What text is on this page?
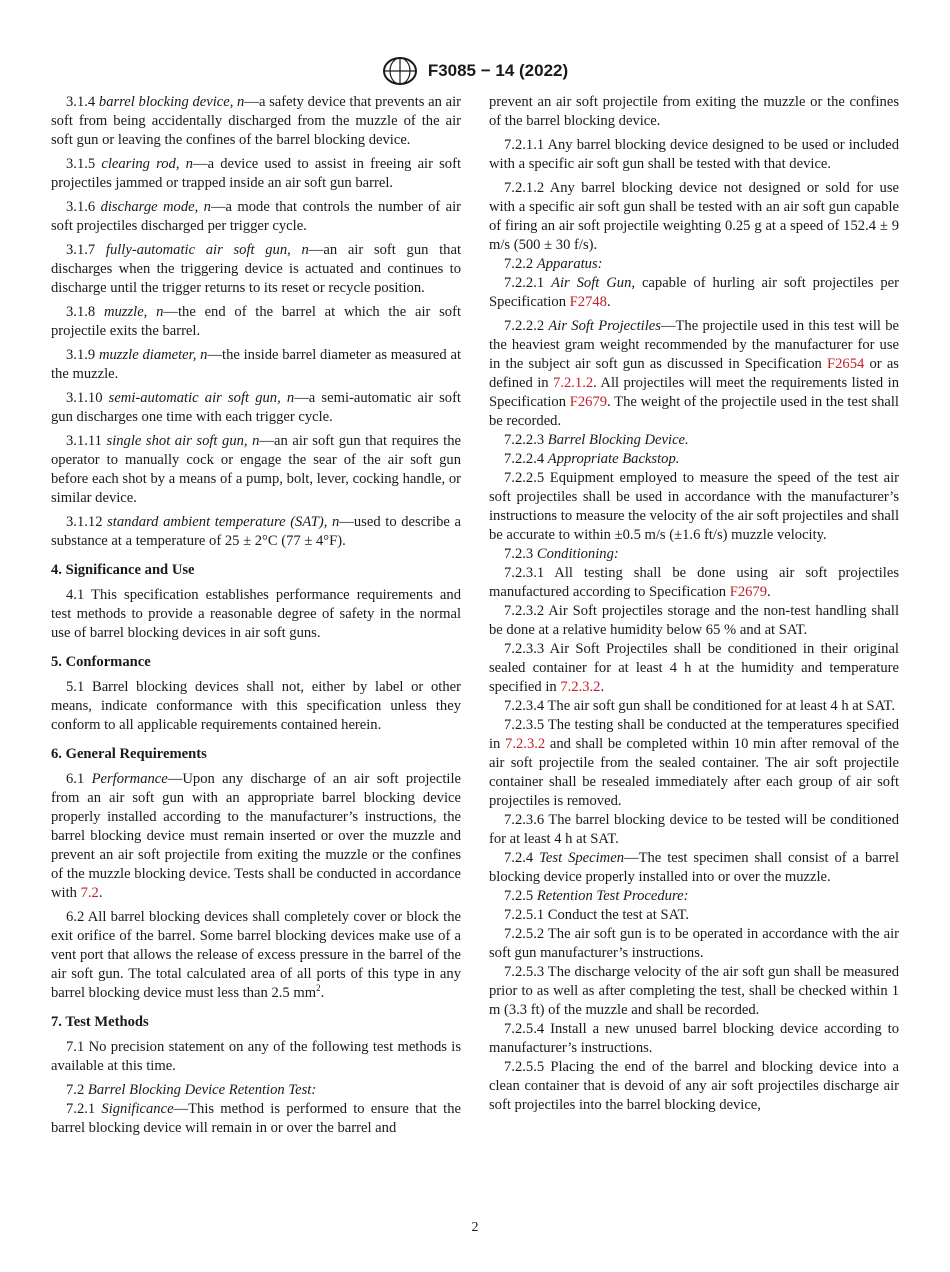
F3085 − 14 (2022)

3.1.4 barrel blocking device, n—a safety device that prevents an air soft from being accidentally discharged from the muzzle of the air soft gun or leaving the confines of the barrel blocking device.

3.1.5 clearing rod, n—a device used to assist in freeing air soft projectiles jammed or trapped inside an air soft gun barrel.

3.1.6 discharge mode, n—a mode that controls the number of air soft projectiles discharged per trigger cycle.

3.1.7 fully-automatic air soft gun, n—an air soft gun that discharges when the triggering device is actuated and continues to discharge until the trigger returns to its reset or recycle position.

3.1.8 muzzle, n—the end of the barrel at which the air soft projectile exits the barrel.

3.1.9 muzzle diameter, n—the inside barrel diameter as measured at the muzzle.

3.1.10 semi-automatic air soft gun, n—a semi-automatic air soft gun discharges one time with each trigger cycle.

3.1.11 single shot air soft gun, n—an air soft gun that requires the operator to manually cock or engage the sear of the air soft gun before each shot by a means of a pump, bolt, lever, cocking handle, or similar device.

3.1.12 standard ambient temperature (SAT), n—used to describe a substance at a temperature of 25 ± 2°C (77 ± 4°F).

4. Significance and Use

4.1 This specification establishes performance requirements and test methods to provide a reasonable degree of safety in the normal use of barrel blocking devices in air soft guns.

5. Conformance

5.1 Barrel blocking devices shall not, either by label or other means, indicate conformance with this specification unless they conform to all applicable requirements contained herein.

6. General Requirements

6.1 Performance—Upon any discharge of an air soft projectile from an air soft gun with an appropriate barrel blocking device properly installed according to the manufacturer’s instructions, the barrel blocking device must remain inserted or over the muzzle and prevent an air soft projectile from exiting the muzzle or the confines of the muzzle blocking device. Tests shall be conducted in accordance with 7.2.

6.2 All barrel blocking devices shall completely cover or block the exit orifice of the barrel. Some barrel blocking devices make use of a vent port that allows the release of excess pressure in the barrel of the air soft gun. The total calculated area of all ports of this type in any barrel blocking device must less than 2.5 $mm^2$.

7. Test Methods

7.1 No precision statement on any of the following test methods is available at this time.

7.2 Barrel Blocking Device Retention Test:

7.2.1 Significance—This method is performed to ensure that the barrel blocking device will remain in or over the barrel and

prevent an air soft projectile from exiting the muzzle or the confines of the barrel blocking device.

7.2.1.1 Any barrel blocking device designed to be used or included with a specific air soft gun shall be tested with that device.

7.2.1.2 Any barrel blocking device not designed or sold for use with a specific air soft gun shall be tested with an air soft gun capable of firing an air soft projectile weighting 0.25 g at a speed of 152.4 ± 9 m/s (500 ± 30 f/s).

7.2.2 Apparatus:

7.2.2.1 Air Soft Gun, capable of hurling air soft projectiles per Specification F2748.

7.2.2.2 Air Soft Projectiles—The projectile used in this test will be the heaviest gram weight recommended by the manufacturer for use in the subject air soft gun as discussed in Specification F2654 or as defined in 7.2.1.2. All projectiles will meet the requirements listed in Specification F2679. The weight of the projectile used in the test shall be recorded.

7.2.2.3 Barrel Blocking Device.

7.2.2.4 Appropriate Backstop.

7.2.2.5 Equipment employed to measure the speed of the test air soft projectiles shall be used in accordance with the manufacturer’s instructions to measure the velocity of the air soft projectiles and shall be accurate to within ±0.5 m/s (±1.6 ft/s) muzzle velocity.

7.2.3 Conditioning:

7.2.3.1 All testing shall be done using air soft projectiles manufactured according to Specification F2679.

7.2.3.2 Air Soft projectiles storage and the non-test handling shall be done at a relative humidity below 65 % and at SAT.

7.2.3.3 Air Soft Projectiles shall be conditioned in their original sealed container for at least 4 h at the humidity and temperature specified in 7.2.3.2.

7.2.3.4 The air soft gun shall be conditioned for at least 4 h at SAT.

7.2.3.5 The testing shall be conducted at the temperatures specified in 7.2.3.2 and shall be completed within 10 min after removal of the air soft projectile from the sealed container. The air soft projectile container shall be resealed immediately after each group of air soft projectiles is removed.

7.2.3.6 The barrel blocking device to be tested will be conditioned for at least 4 h at SAT.

7.2.4 Test Specimen—The test specimen shall consist of a barrel blocking device properly installed into or over the muzzle.

7.2.5 Retention Test Procedure:

7.2.5.1 Conduct the test at SAT.

7.2.5.2 The air soft gun is to be operated in accordance with the air soft gun manufacturer’s instructions.

7.2.5.3 The discharge velocity of the air soft gun shall be measured prior to as well as after completing the test, shall be checked within 1 m (3.3 ft) of the muzzle and shall be recorded.

7.2.5.4 Install a new unused barrel blocking device according to manufacturer’s instructions.

7.2.5.5 Placing the end of the barrel and blocking device into a clean container that is devoid of any air soft projectiles discharge air soft projectiles into the barrel blocking device,

2
